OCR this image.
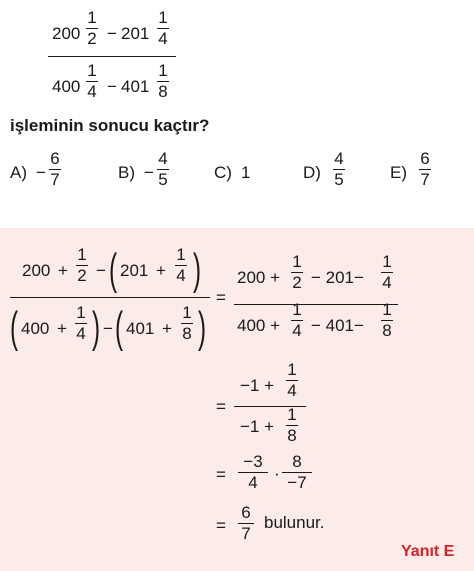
200
1
2 − 201
1
4
400
1
4 − 401
1
8
işleminin sonucu kaçtır?
A) −
6
7	B) −
4
5	C) 1	D)
4
5	E)
6
7
200 +
1
2 − ( 201 +
1
4 )
( 400 +
1
4 ) − ( 401 +
1
8 )
=
200 +
1
2 − 201−
1
4
400 +
1
4 − 401−
1
8
=
−1 +
1
4
−1 +
1
8
=
−3
4 ·
8
−7
=
6
7
bulunur.
Yanıt E
